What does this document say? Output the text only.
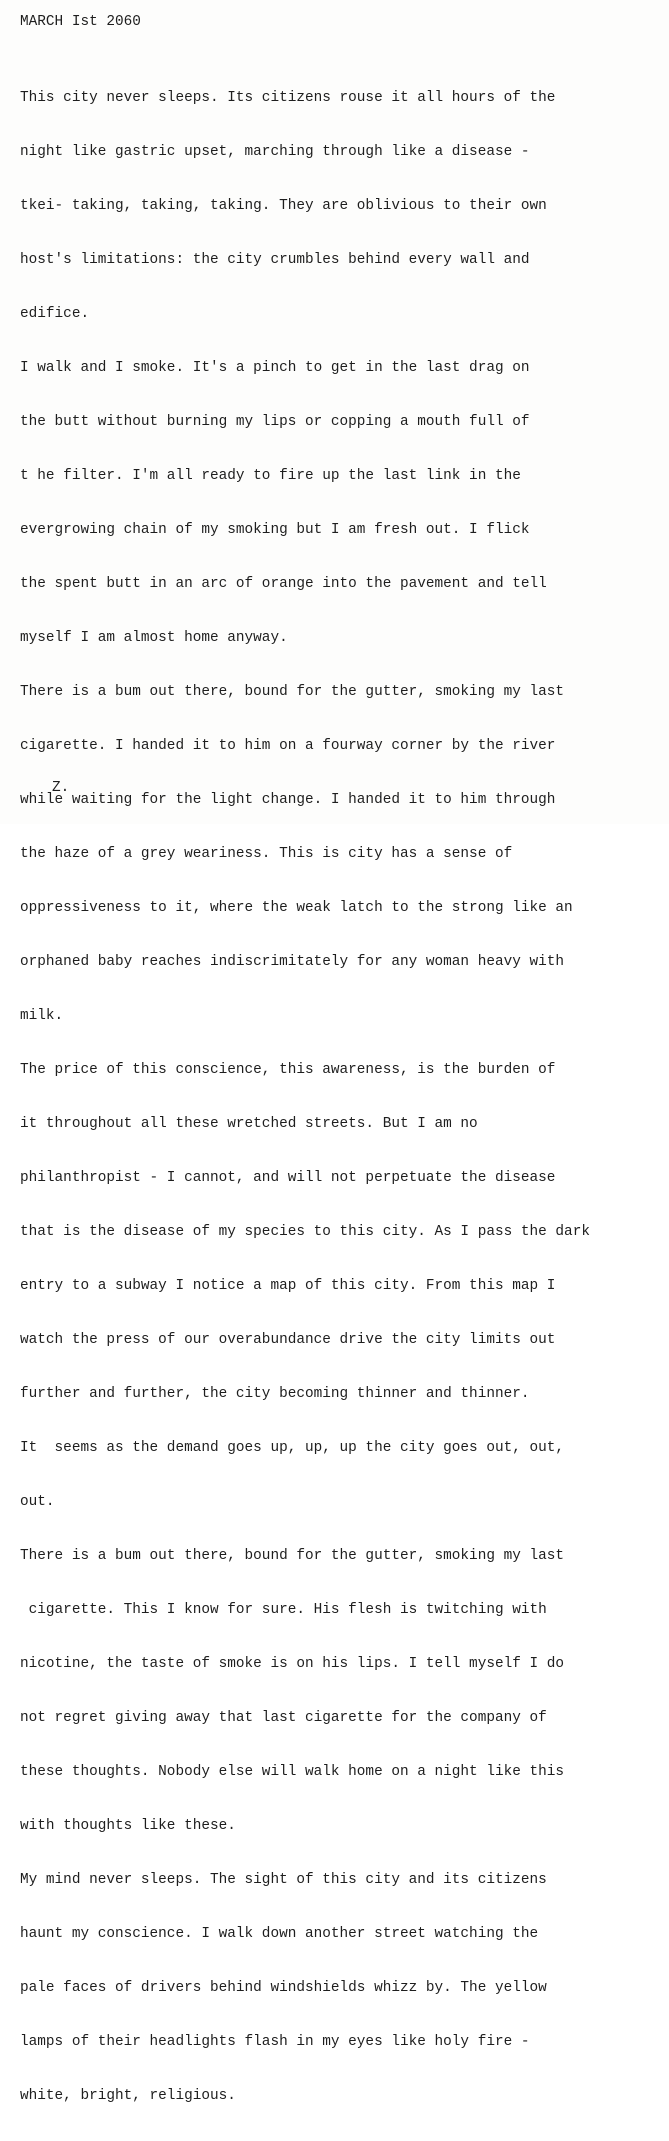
MARCH Ist 2060

This city never sleeps. Its citizens rouse it all hours of the

night like gastric upset, marching through like a disease -

tkei- taking, taking, taking. They are oblivious to their own

host's limitations: the city crumbles behind every wall and

edifice.

I walk and I smoke. It's a pinch to get in the last drag on

the butt without burning my lips or copping a mouth full of

t he filter. I'm all ready to fire up the last link in the

evergrowing chain of my smoking but I am fresh out. I flick

the spent butt in an arc of orange into the pavement and tell

myself I am almost home anyway.

There is a bum out there, bound for the gutter, smoking my last

cigarette. I handed it to him on a fourway corner by the river

while waiting for the light change. I handed it to him through

the haze of a grey weariness. This is city has a sense of

oppressiveness to it, where the weak latch to the strong like an

orphaned baby reaches indiscrimitately for any woman heavy with

milk.

The price of this conscience, this awareness, is the burden of

it throughout all these wretched streets. But I am no

philanthropist - I cannot, and will not perpetuate the disease

that is the disease of my species to this city. As I pass the dark

entry to a subway I notice a map of this city. From this map I

watch the press of our overabundance drive the city limits out

further and further, the city becoming thinner and thinner.

It  seems as the demand goes up, up, up the city goes out, out,

out.

There is a bum out there, bound for the gutter, smoking my last

cigarette. This I know for sure. His flesh is twitching with

nicotine, the taste of smoke is on his lips. I tell myself I do

not regret giving away that last cigarette for the company of

these thoughts. Nobody else will walk home on a night like this

with thoughts like these.

My mind never sleeps. The sight of this city and its citizens

haunt my conscience. I walk down another street watching the

pale faces of drivers behind windshields whizz by. The yellow

lamps of their headlights flash in my eyes like holy fire -

white, bright, religious.

Z.
